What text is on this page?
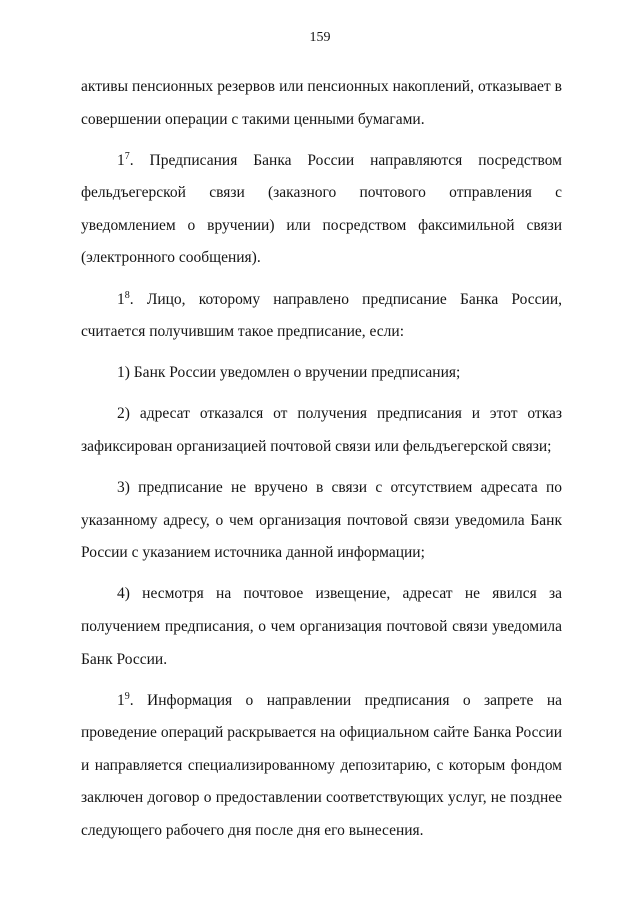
159

активы пенсионных резервов или пенсионных накоплений, отказывает в совершении операции с такими ценными бумагами.

$1^7$. Предписания Банка России направляются посредством фельдъегерской связи (заказного почтового отправления с уведомлением о вручении) или посредством факсимильной связи (электронного сообщения).

$1^8$. Лицо, которому направлено предписание Банка России, считается получившим такое предписание, если:

1) Банк России уведомлен о вручении предписания;

2) адресат отказался от получения предписания и этот отказ зафиксирован организацией почтовой связи или фельдъегерской связи;

3) предписание не вручено в связи с отсутствием адресата по указанному адресу, о чем организация почтовой связи уведомила Банк России с указанием источника данной информации;

4) несмотря на почтовое извещение, адресат не явился за получением предписания, о чем организация почтовой связи уведомила Банк России.

$1^9$. Информация о направлении предписания о запрете на проведение операций раскрывается на официальном сайте Банка России и направляется специализированному депозитарию, с которым фондом заключен договор о предоставлении соответствующих услуг, не позднее следующего рабочего дня после дня его вынесения.
